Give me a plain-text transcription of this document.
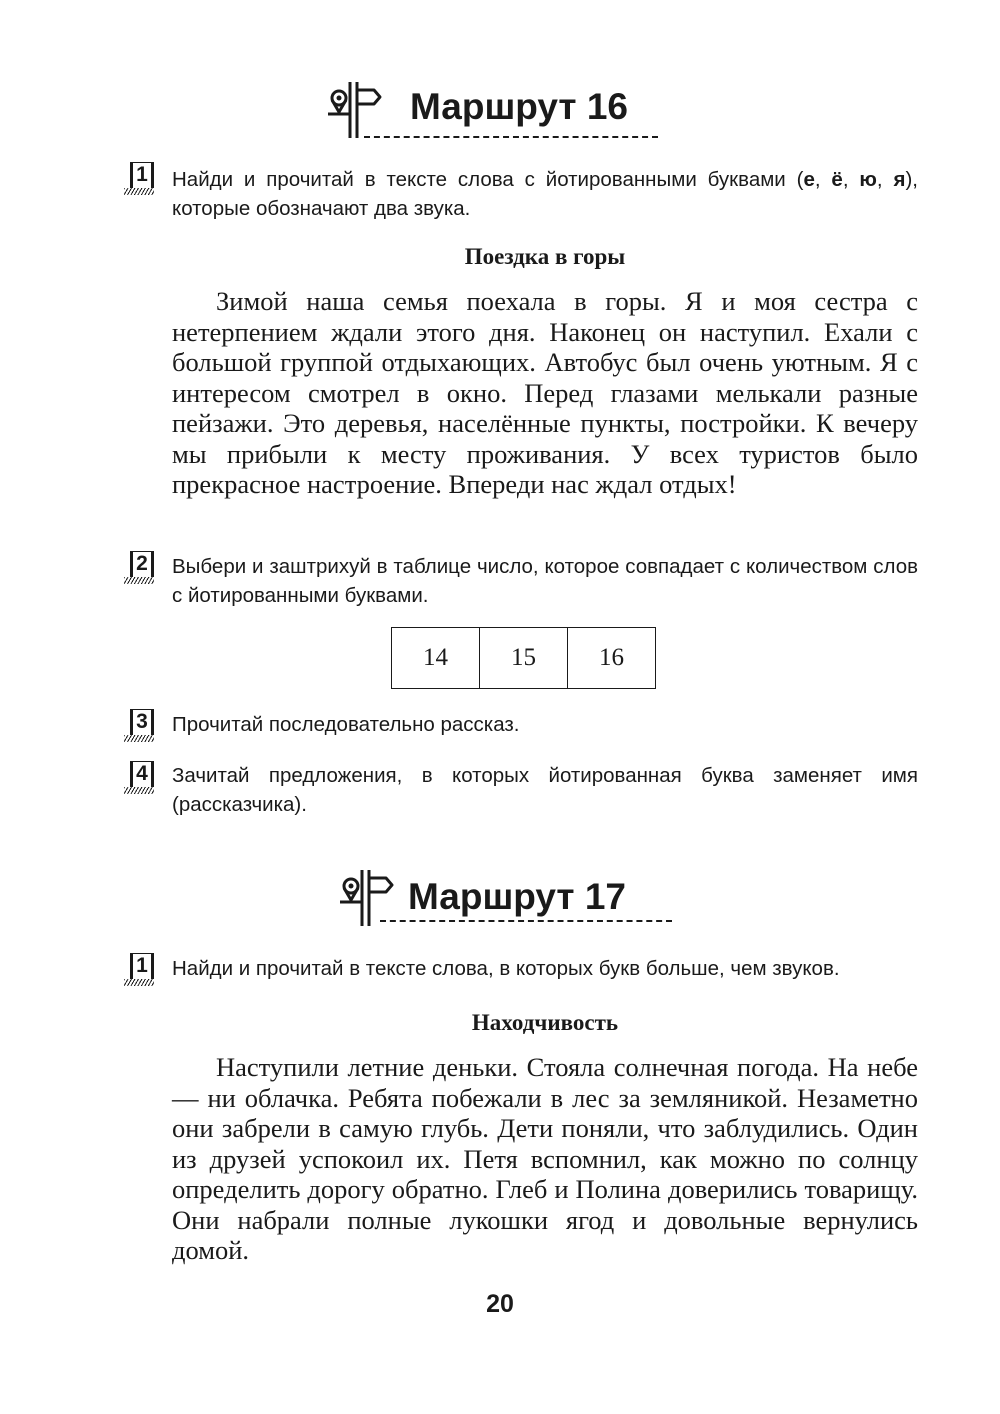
Маршрут 16
1	Найди и прочитай в тексте слова с йотированными буквами (е, ё, ю, я), которые обозначают два звука.
Поездка в горы

Зимой наша семья поехала в горы. Я и моя сестра с нетерпением ждали этого дня. Наконец он наступил. Ехали с большой группой отдыхающих. Автобус был очень уютным. Я с интересом смотрел в окно. Перед глазами мелькали разные пейзажи. Это деревья, населённые пункты, постройки. К вечеру мы прибыли к месту проживания. У всех туристов было прекрасное настроение. Впереди нас ждал отдых!

2	Выбери и заштрихуй в таблице число, которое совпадает с количеством слов с йотированными буквами.
14	15	16
3	Прочитай последовательно рассказ.
4	Зачитай предложения, в которых йотированная буква заменяет имя (рассказчика).
Маршрут 17
1	Найди и прочитай в тексте слова, в которых букв больше, чем звуков.
Находчивость

Наступили летние деньки. Стояла солнечная погода. На небе — ни облачка. Ребята побежали в лес за земляникой. Незаметно они забрели в самую глубь. Дети поняли, что заблудились. Один из друзей успокоил их. Петя вспомнил, как можно по солнцу определить дорогу обратно. Глеб и Полина доверились товарищу. Они набрали полные лукошки ягод и довольные вернулись домой.

20
